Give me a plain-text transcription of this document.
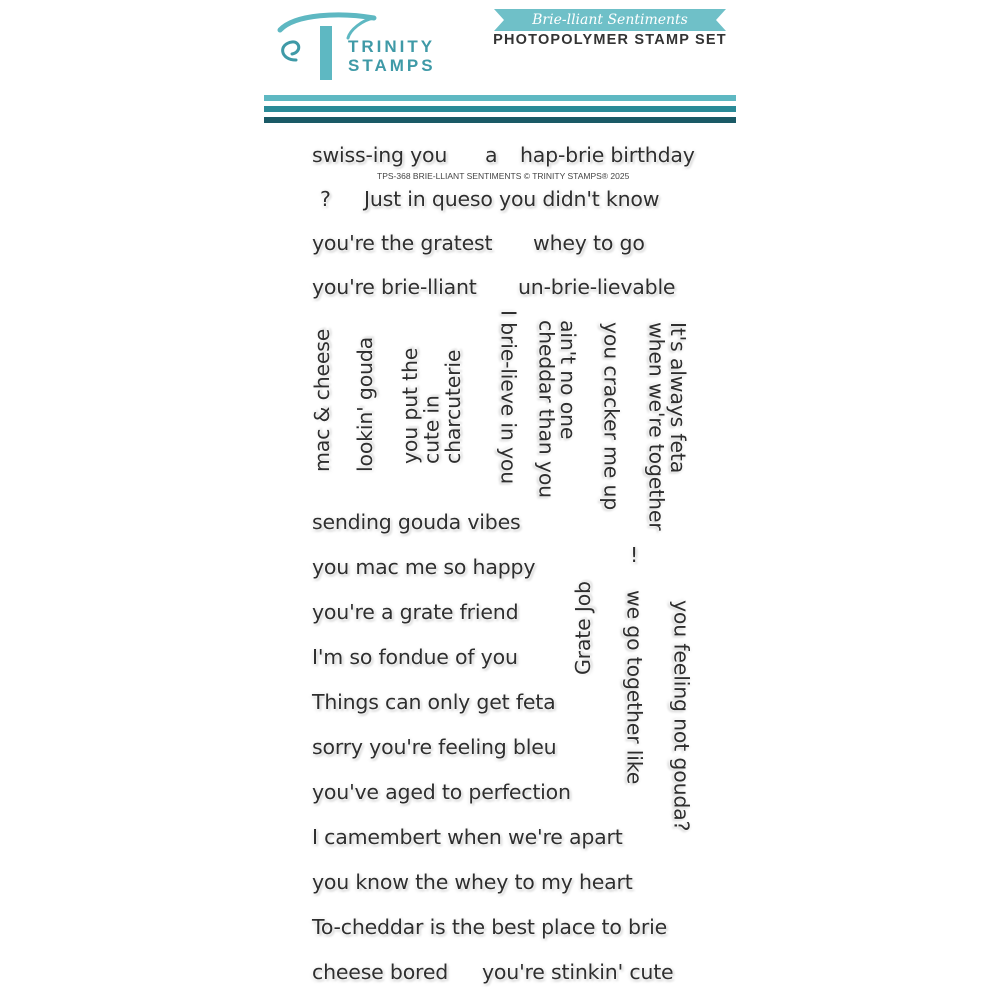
TRINITY
STAMPS
Brie-lliant Sentiments
PHOTOPOLYMER STAMP SET
swiss-ing you a hap-brie birthday
TPS-368 BRIE-LLIANT SENTIMENTS © TRINITY STAMPS® 2025
? Just in queso you didn't know
you're the gratest whey to go
you're brie-lliant un-brie-lievable
mac & cheese lookin' gouda you put the
cute in
charcuterie I brie-lieve in you ain't no one
cheddar than you you cracker me up It's always feta
when we're together
sending gouda vibes
you mac me so happy
you're a grate friend
I'm so fondue of you
Things can only get feta
sorry you're feeling bleu
you've aged to perfection
I camembert when we're apart
you know the whey to my heart
To-cheddar is the best place to brie
cheese bored you're stinkin' cute
!
Grate Job we go together like you feeling not gouda?
